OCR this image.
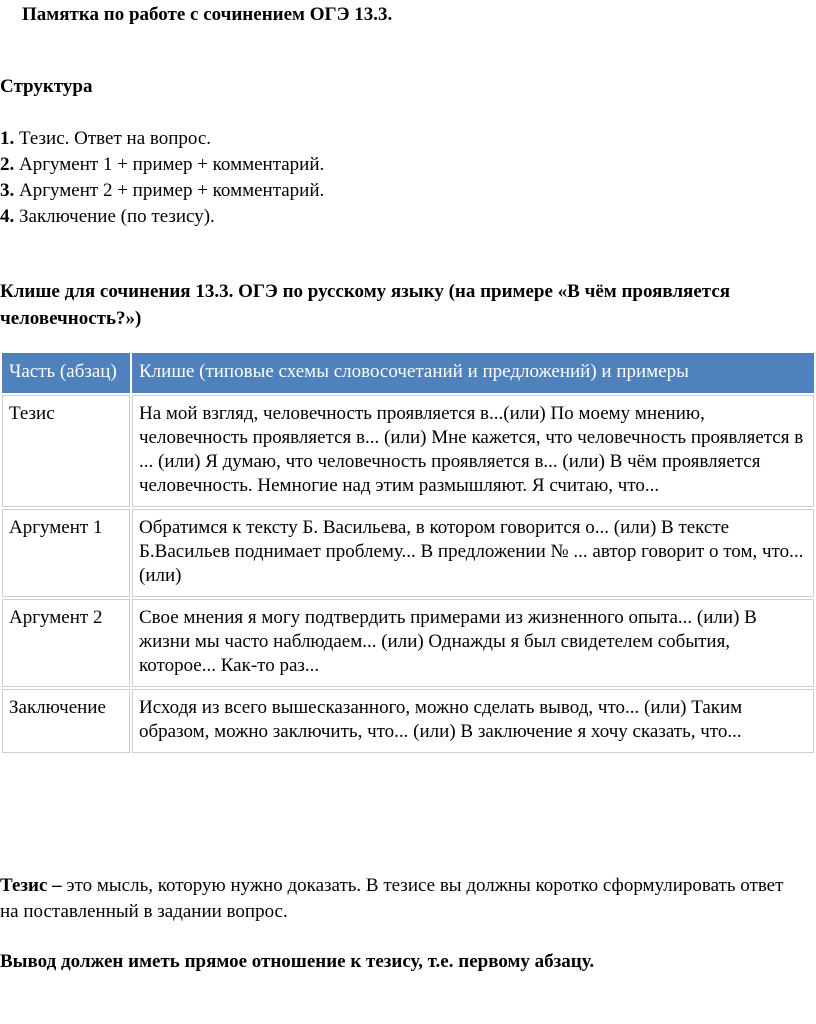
Памятка по работе с сочинением ОГЭ 13.3.
Структура
1. Тезис. Ответ на вопрос.
2. Аргумент 1 + пример + комментарий.
3. Аргумент 2 + пример + комментарий.
4. Заключение (по тезису).
Клише для сочинения 13.3. ОГЭ по русскому языку (на примере «В чём проявляется человечность?»)
Часть (абзац)	Клише (типовые схемы словосочетаний и предложений) и примеры
Тезис	На мой взгляд, человечность проявляется в...(или) По моему мнению, человечность проявляется в... (или) Мне кажется, что человечность проявляется в ... (или) Я думаю, что человечность проявляется в... (или) В чём проявляется человечность. Немногие над этим размышляют. Я считаю, что...
Аргумент 1	Обратимся к тексту Б. Васильева, в котором говорится о... (или) В тексте Б.Васильев поднимает проблему... В предложении № ... автор говорит о том, что... (или)
Аргумент 2	Свое мнения я могу подтвердить примерами из жизненного опыта... (или) В жизни мы часто наблюдаем... (или) Однажды я был свидетелем события, которое... Как-то раз...
Заключение	Исходя из всего вышесказанного, можно сделать вывод, что... (или) Таким образом, можно заключить, что... (или) В заключение я хочу сказать, что...
Тезис – это мысль, которую нужно доказать. В тезисе вы должны коротко сформулировать ответ на поставленный в задании вопрос.
Вывод должен иметь прямое отношение к тезису, т.е. первому абзацу.
